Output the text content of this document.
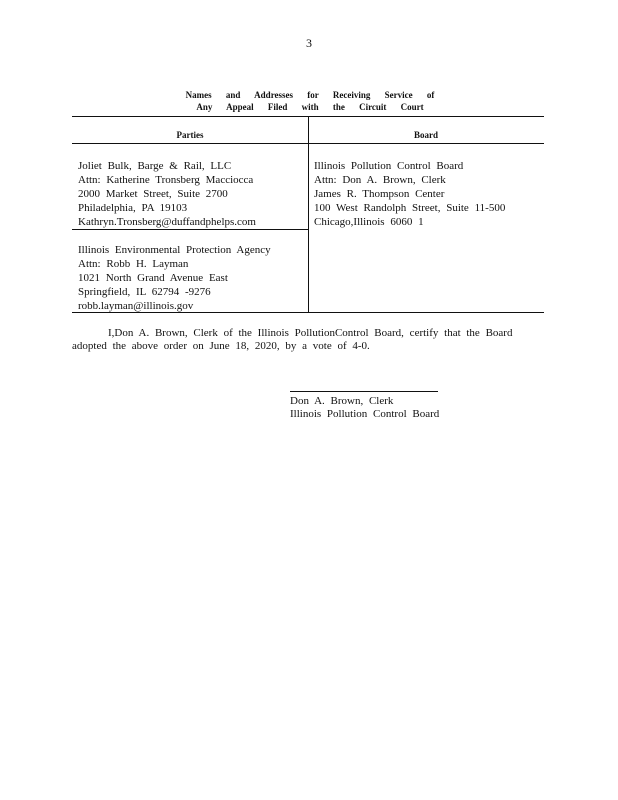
3
Names and Addresses for Receiving Service of
Any Appeal Filed with the Circuit Court
Parties	Board
Joliet Bulk, Barge & Rail, LLC
Attn: Katherine Tronsberg Macciocca
2000 Market Street, Suite 2700
Philadelphia, PA 19103
Kathryn.Tronsberg@duffandphelps.com
Illinois Environmental Protection Agency
Attn: Robb H. Layman
1021 North Grand Avenue East
Springfield, IL 62794 -9276
robb.layman@illinois.gov
Illinois Pollution Control Board
Attn: Don A. Brown, Clerk
James R. Thompson Center
100 West Randolph Street, Suite 11-500
Chicago,Illinois 6060 1
I,Don A. Brown, Clerk of the Illinois PollutionControl Board, certify that the Board
adopted the above order on June 18, 2020, by a vote of 4-0.
Don A. Brown, Clerk
Illinois Pollution Control Board
